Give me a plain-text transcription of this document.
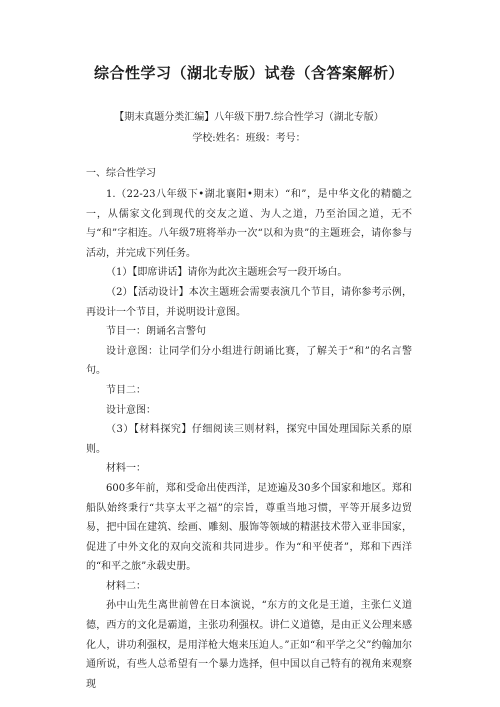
综合性学习（湖北专版）试卷（含答案解析）
【期末真题分类汇编】八年级下册7.综合性学习（湖北专版）
学校:姓名：班级：考号：
一、综合性学习

1.（22-23八年级下•湖北襄阳•期末）“和”，是中华文化的精髓之一，从儒家文化到现代的交友之道、为人之道，乃至治国之道，无不与“和”字相连。八年级7班将举办一次“以和为贵”的主题班会，请你参与活动，并完成下列任务。

（1）【即席讲话】请你为此次主题班会写一段开场白。

（2）【活动设计】本次主题班会需要表演几个节目，请你参考示例，再设计一个节目，并说明设计意图。

节目一：朗诵名言警句

设计意图：让同学们分小组进行朗诵比赛，了解关于“和”的名言警句。

节目二：

设计意图：

（3）【材料探究】仔细阅读三则材料，探究中国处理国际关系的原则。

材料一：

600多年前，郑和受命出使西洋，足迹遍及30多个国家和地区。郑和船队始终秉行“共享太平之福”的宗旨，尊重当地习惯，平等开展多边贸易，把中国在建筑、绘画、雕刻、服饰等领域的精湛技术带入亚非国家，促进了中外文化的双向交流和共同进步。作为“和平使者”，郑和下西洋的“和平之旅”永载史册。

材料二：

孙中山先生离世前曾在日本演说，“东方的文化是王道，主张仁义道德，西方的文化是霸道，主张功利强权。讲仁义道德，是由正义公理来感化人，讲功利强权，是用洋枪大炮来压迫人。”正如“和平学之父”约翰加尔通所说，有些人总希望有一个暴力选择，但中国以自己特有的视角来观察现
